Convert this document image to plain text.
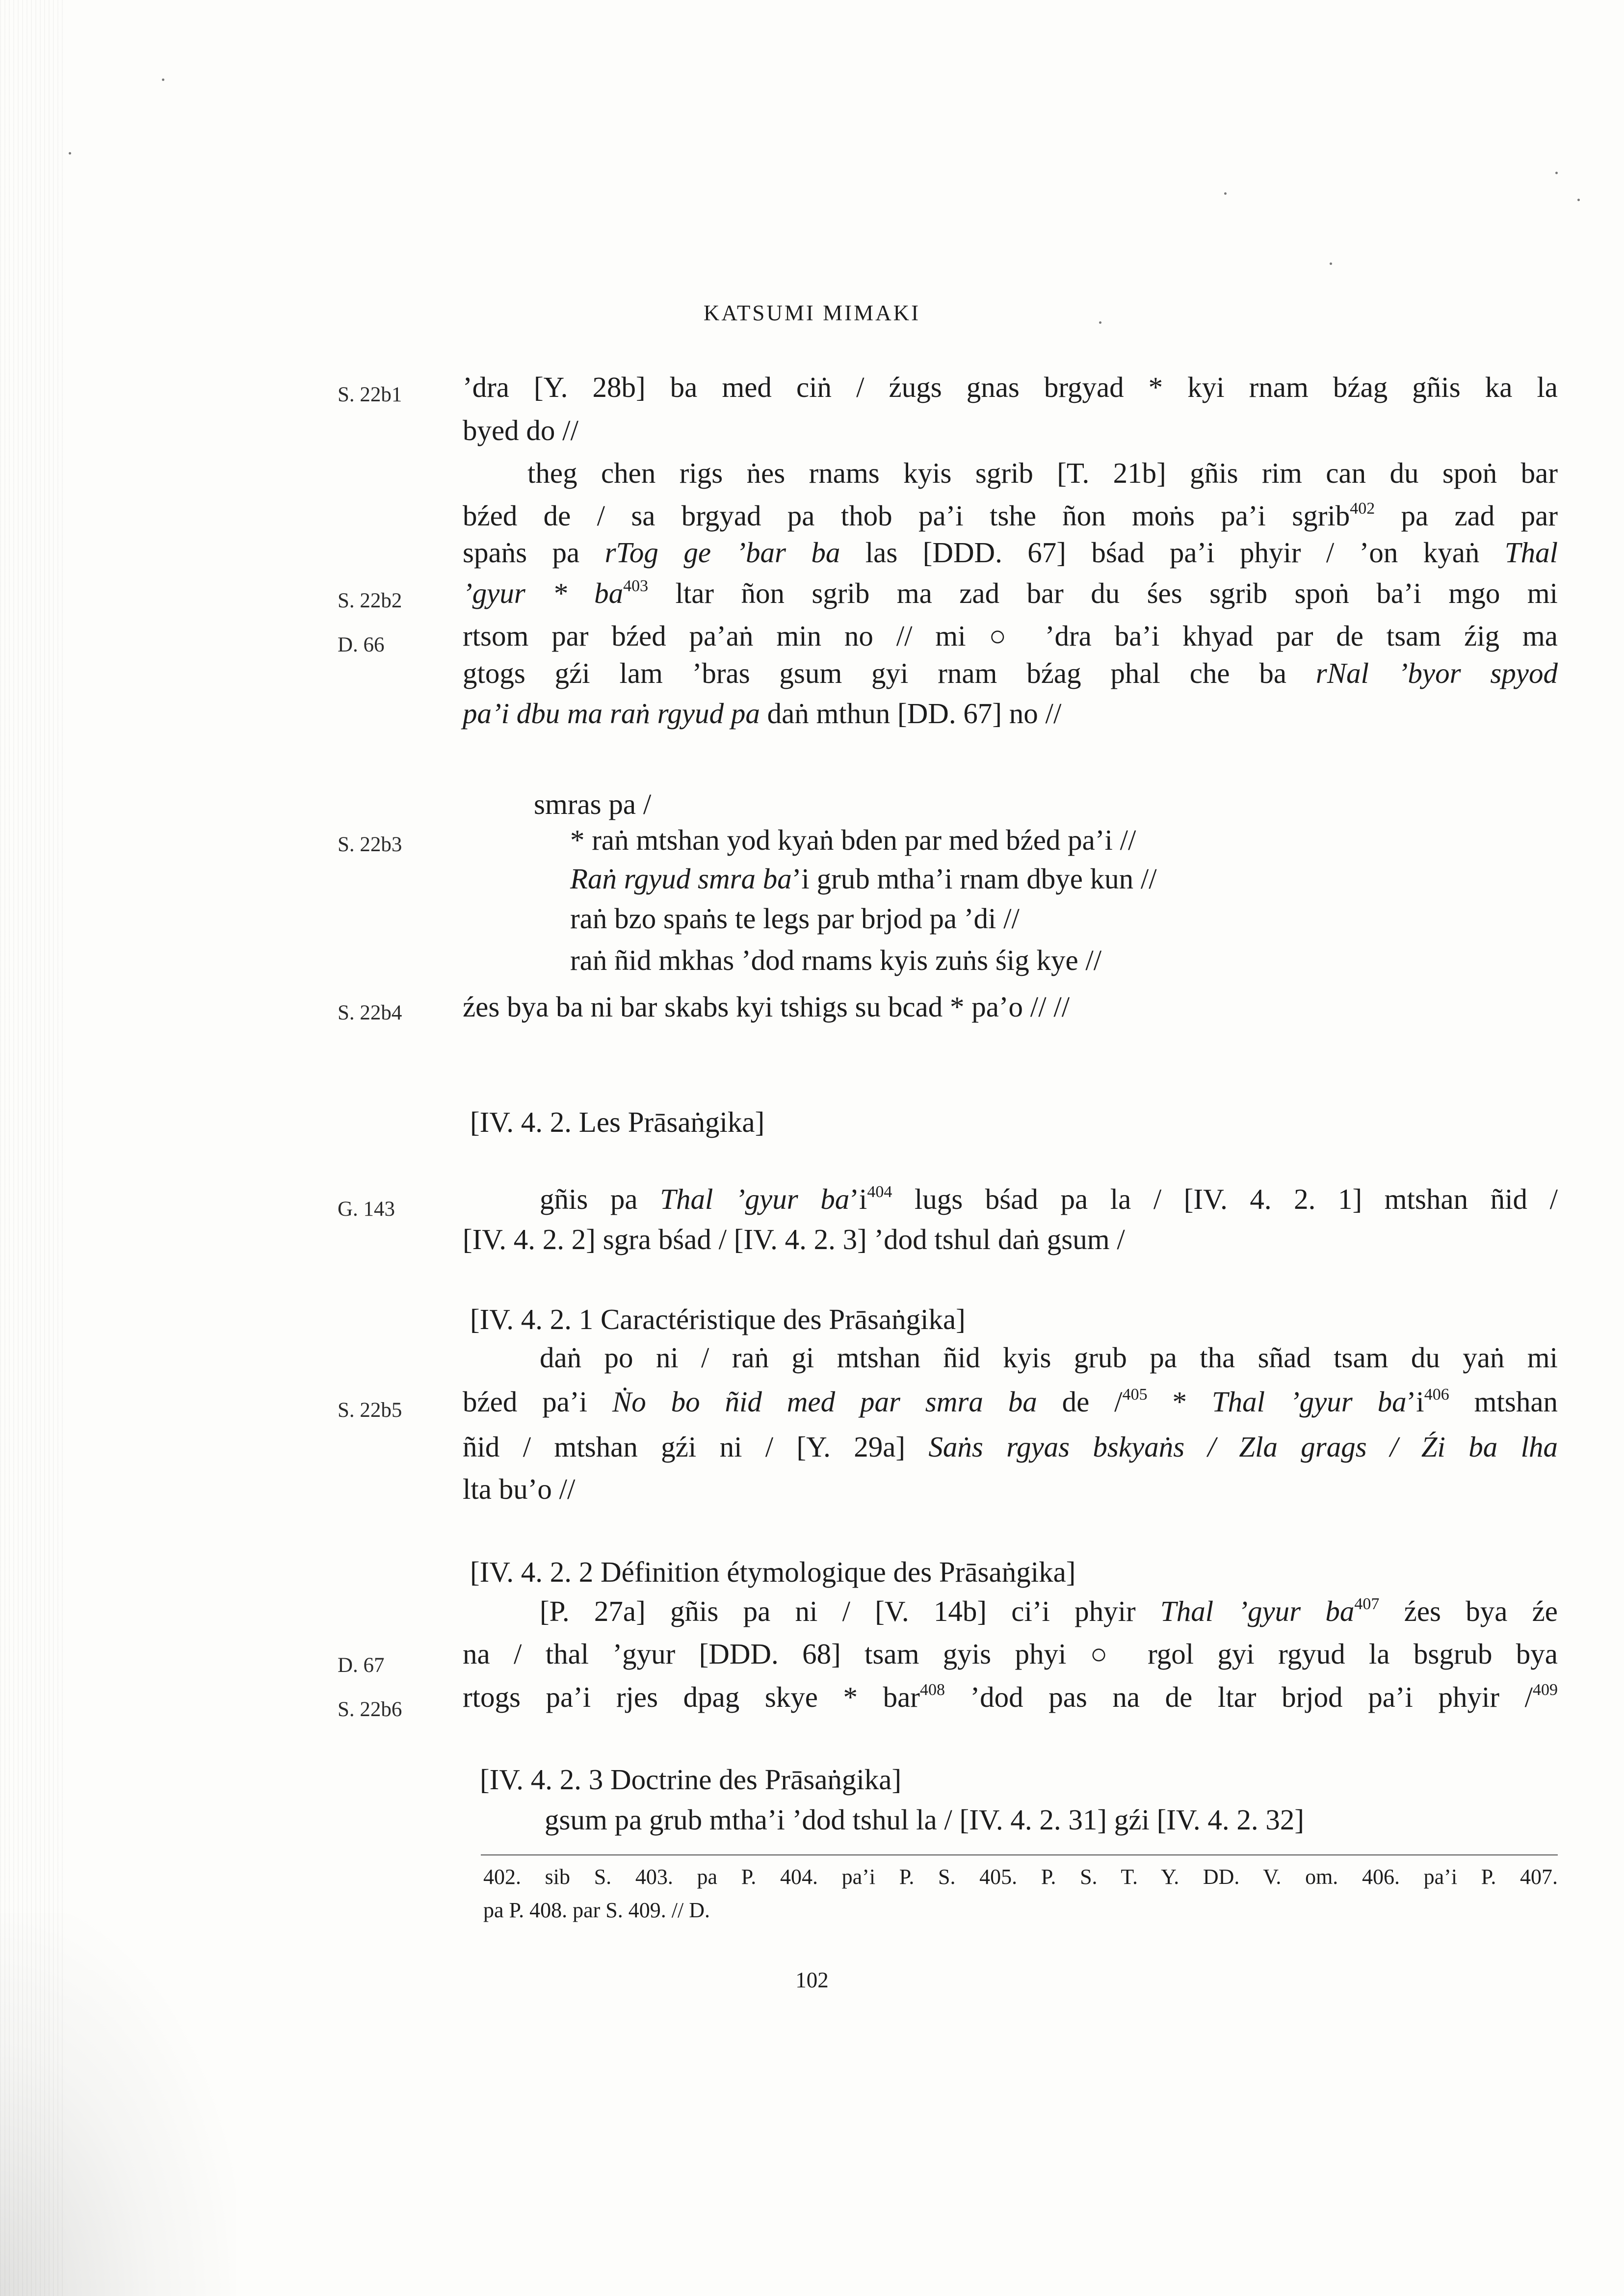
KATSUMI MIMAKI
S. 22b1
S. 22b2
D. 66
S. 22b3
S. 22b4
G. 143
S. 22b5
D. 67
S. 22b6
’dra [Y. 28b] ba med ciṅ / źugs gnas brgyad * kyi rnam bźag gñis ka la
byed do //
theg chen rigs ṅes rnams kyis sgrib [T. 21b] gñis rim can du spoṅ bar
bźed de / sa brgyad pa thob pa’i tshe ñon moṅs pa’i sgrib$^{402}$ pa zad par
spaṅs pa rTog ge ’bar ba las [DDD. 67] bśad pa’i phyir / ’on kyaṅ Thal
’gyur * $ba^{403}$ ltar ñon sgrib ma zad bar du śes sgrib spoṅ ba’i mgo mi
rtsom par bźed pa’aṅ min no // mi ○ ’dra ba’i khyad par de tsam źig ma
gtogs gźi lam ’bras gsum gyi rnam bźag phal che ba rNal ’byor spyod
pa’i dbu ma raṅ rgyud pa daṅ mthun [DD. 67] no //
smras pa /
* raṅ mtshan yod kyaṅ bden par med bźed pa’i //
Raṅ rgyud smra ba’i grub mtha’i rnam dbye kun //
raṅ bzo spaṅs te legs par brjod pa ’di //
raṅ ñid mkhas ’dod rnams kyis zuṅs śig kye //
źes bya ba ni bar skabs kyi tshigs su bcad * pa’o // //
[IV. 4. 2. Les Prāsaṅgika]
gñis pa Thal ’gyur $ba’i^{404}$ lugs bśad pa la / [IV. 4. 2. 1] mtshan ñid /
[IV. 4. 2. 2] sgra bśad / [IV. 4. 2. 3] ’dod tshul daṅ gsum /
[IV. 4. 2. 1 Caractéristique des Prāsaṅgika]
daṅ po ni / raṅ gi mtshan ñid kyis grub pa tha sñad tsam du yaṅ mi
bźed pa’i Ṅo bo ñid med par smra ba de /$^{405}$ * Thal ’gyur $ba’i^{406}$ mtshan
ñid / mtshan gźi ni / [Y. 29a] Saṅs rgyas bskyaṅs / Zla grags / Źi ba lha
lta bu’o //
[IV. 4. 2. 2 Définition étymologique des Prāsaṅgika]
[P. 27a] gñis pa ni / [V. 14b] ci’i phyir Thal ’gyur $ba^{407}$ źes bya źe
na / thal ’gyur [DDD. 68] tsam gyis phyi ○ rgol gyi rgyud la bsgrub bya
rtogs pa’i rjes dpag skye * bar$^{408}$ ’dod pas na de ltar brjod pa’i phyir /$^{409}$
[IV. 4. 2. 3 Doctrine des Prāsaṅgika]
gsum pa grub mtha’i ’dod tshul la / [IV. 4. 2. 31] gźi [IV. 4. 2. 32]
402. sib S. 403. pa P. 404. pa’i P. S. 405. P. S. T. Y. DD. V. om. 406. pa’i P. 407.
pa P. 408. par S. 409. // D.
102
